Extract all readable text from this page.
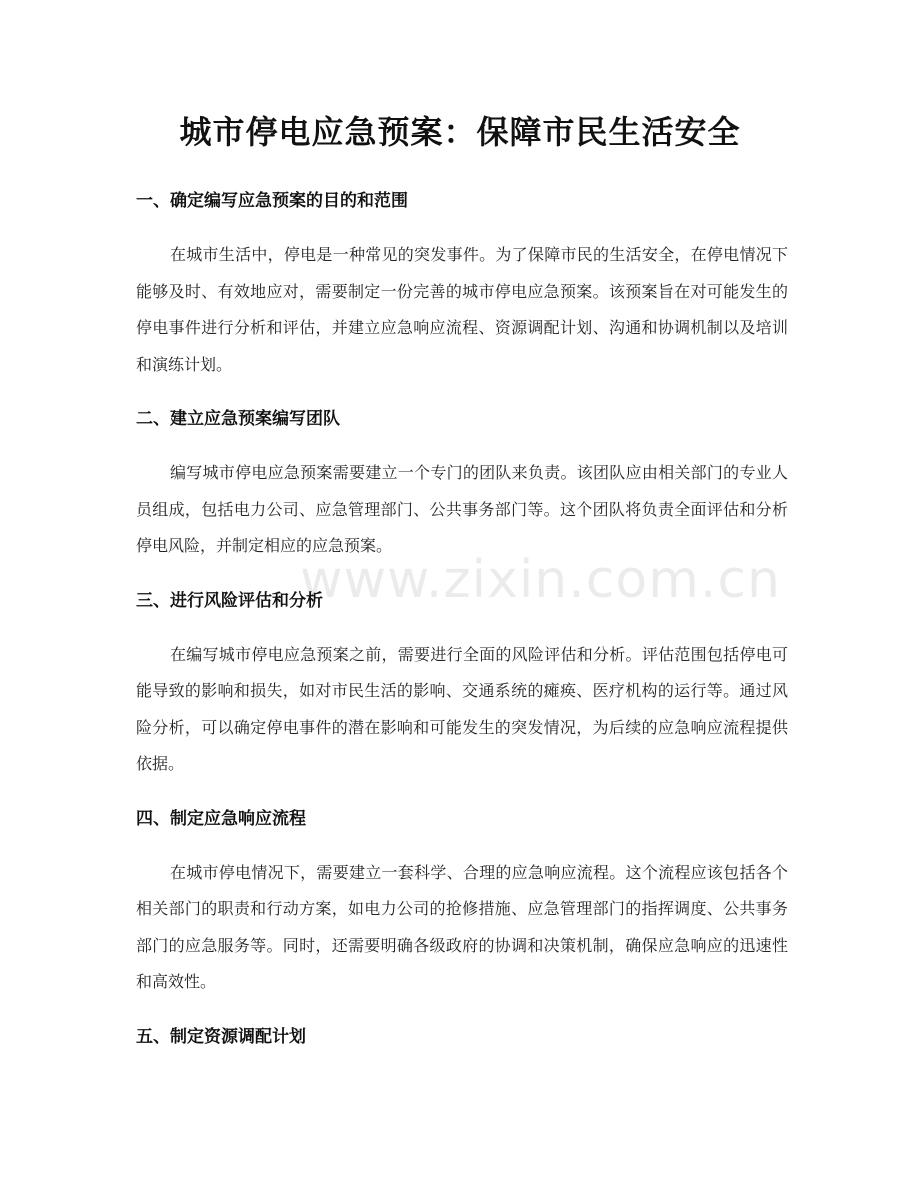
www.zixin.com.cn
城市停电应急预案：保障市民生活安全
一、确定编写应急预案的目的和范围
在城市生活中，停电是一种常见的突发事件。为了保障市民的生活安全，在停电情况下能够及时、有效地应对，需要制定一份完善的城市停电应急预案。该预案旨在对可能发生的停电事件进行分析和评估，并建立应急响应流程、资源调配计划、沟通和协调机制以及培训和演练计划。
二、建立应急预案编写团队
编写城市停电应急预案需要建立一个专门的团队来负责。该团队应由相关部门的专业人员组成，包括电力公司、应急管理部门、公共事务部门等。这个团队将负责全面评估和分析停电风险，并制定相应的应急预案。
三、进行风险评估和分析
在编写城市停电应急预案之前，需要进行全面的风险评估和分析。评估范围包括停电可能导致的影响和损失，如对市民生活的影响、交通系统的瘫痪、医疗机构的运行等。通过风险分析，可以确定停电事件的潜在影响和可能发生的突发情况，为后续的应急响应流程提供依据。
四、制定应急响应流程
在城市停电情况下，需要建立一套科学、合理的应急响应流程。这个流程应该包括各个相关部门的职责和行动方案，如电力公司的抢修措施、应急管理部门的指挥调度、公共事务部门的应急服务等。同时，还需要明确各级政府的协调和决策机制，确保应急响应的迅速性和高效性。
五、制定资源调配计划
